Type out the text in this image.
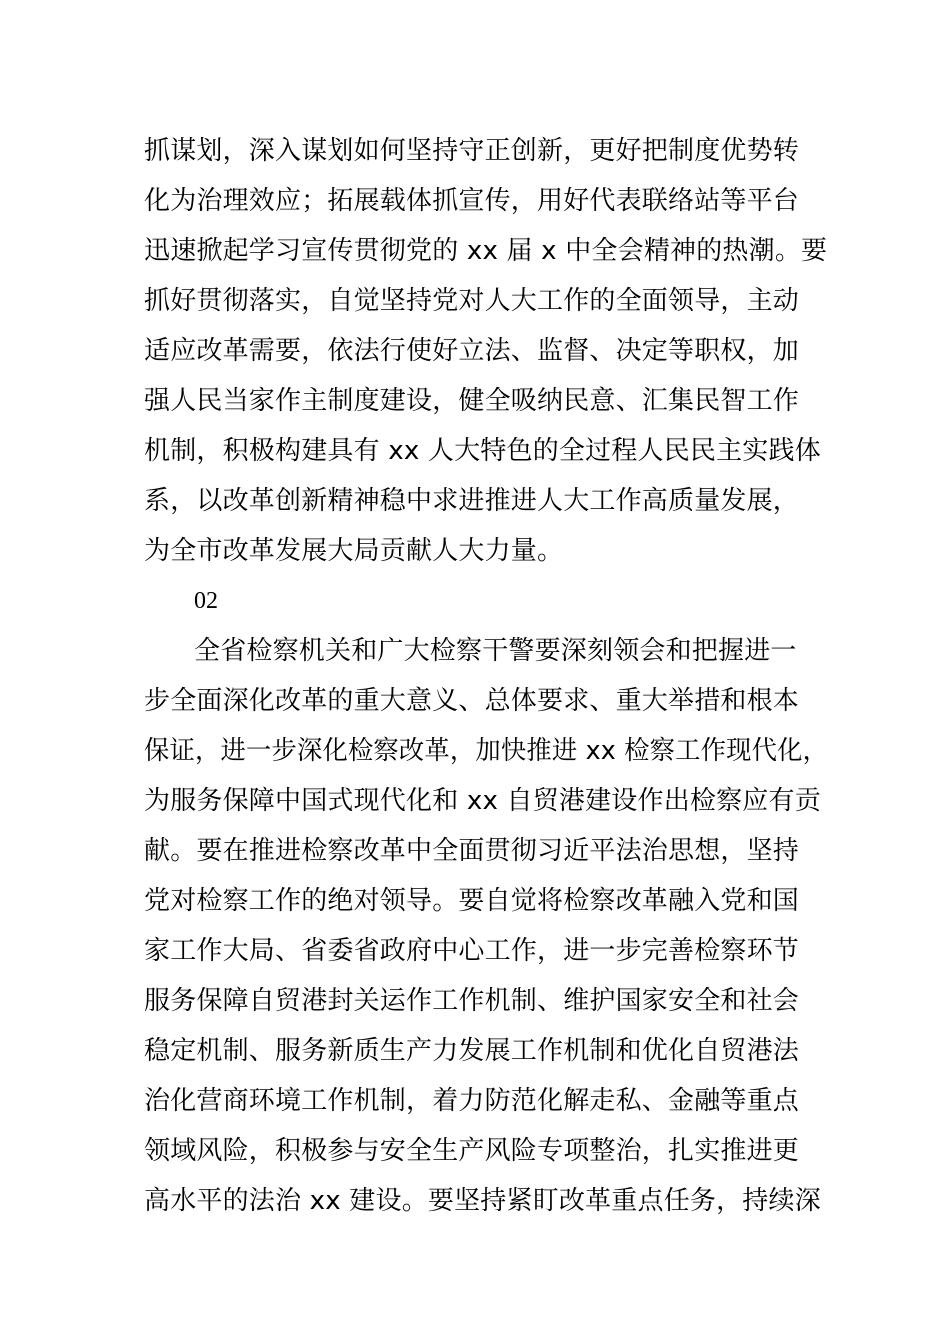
抓谋划，深入谋划如何坚持守正创新，更好把制度优势转
化为治理效应；拓展载体抓宣传，用好代表联络站等平台
迅速掀起学习宣传贯彻党的 xx 届 x 中全会精神的热潮。要
抓好贯彻落实，自觉坚持党对人大工作的全面领导，主动
适应改革需要，依法行使好立法、监督、决定等职权，加
强人民当家作主制度建设，健全吸纳民意、汇集民智工作
机制，积极构建具有 xx 人大特色的全过程人民民主实践体
系，以改革创新精神稳中求进推进人大工作高质量发展，
为全市改革发展大局贡献人大力量。
02
全省检察机关和广大检察干警要深刻领会和把握进一
步全面深化改革的重大意义、总体要求、重大举措和根本
保证，进一步深化检察改革，加快推进 xx 检察工作现代化，
为服务保障中国式现代化和 xx 自贸港建设作出检察应有贡
献。要在推进检察改革中全面贯彻习近平法治思想，坚持
党对检察工作的绝对领导。要自觉将检察改革融入党和国
家工作大局、省委省政府中心工作，进一步完善检察环节
服务保障自贸港封关运作工作机制、维护国家安全和社会
稳定机制、服务新质生产力发展工作机制和优化自贸港法
治化营商环境工作机制，着力防范化解走私、金融等重点
领域风险，积极参与安全生产风险专项整治，扎实推进更
高水平的法治 xx 建设。要坚持紧盯改革重点任务，持续深
